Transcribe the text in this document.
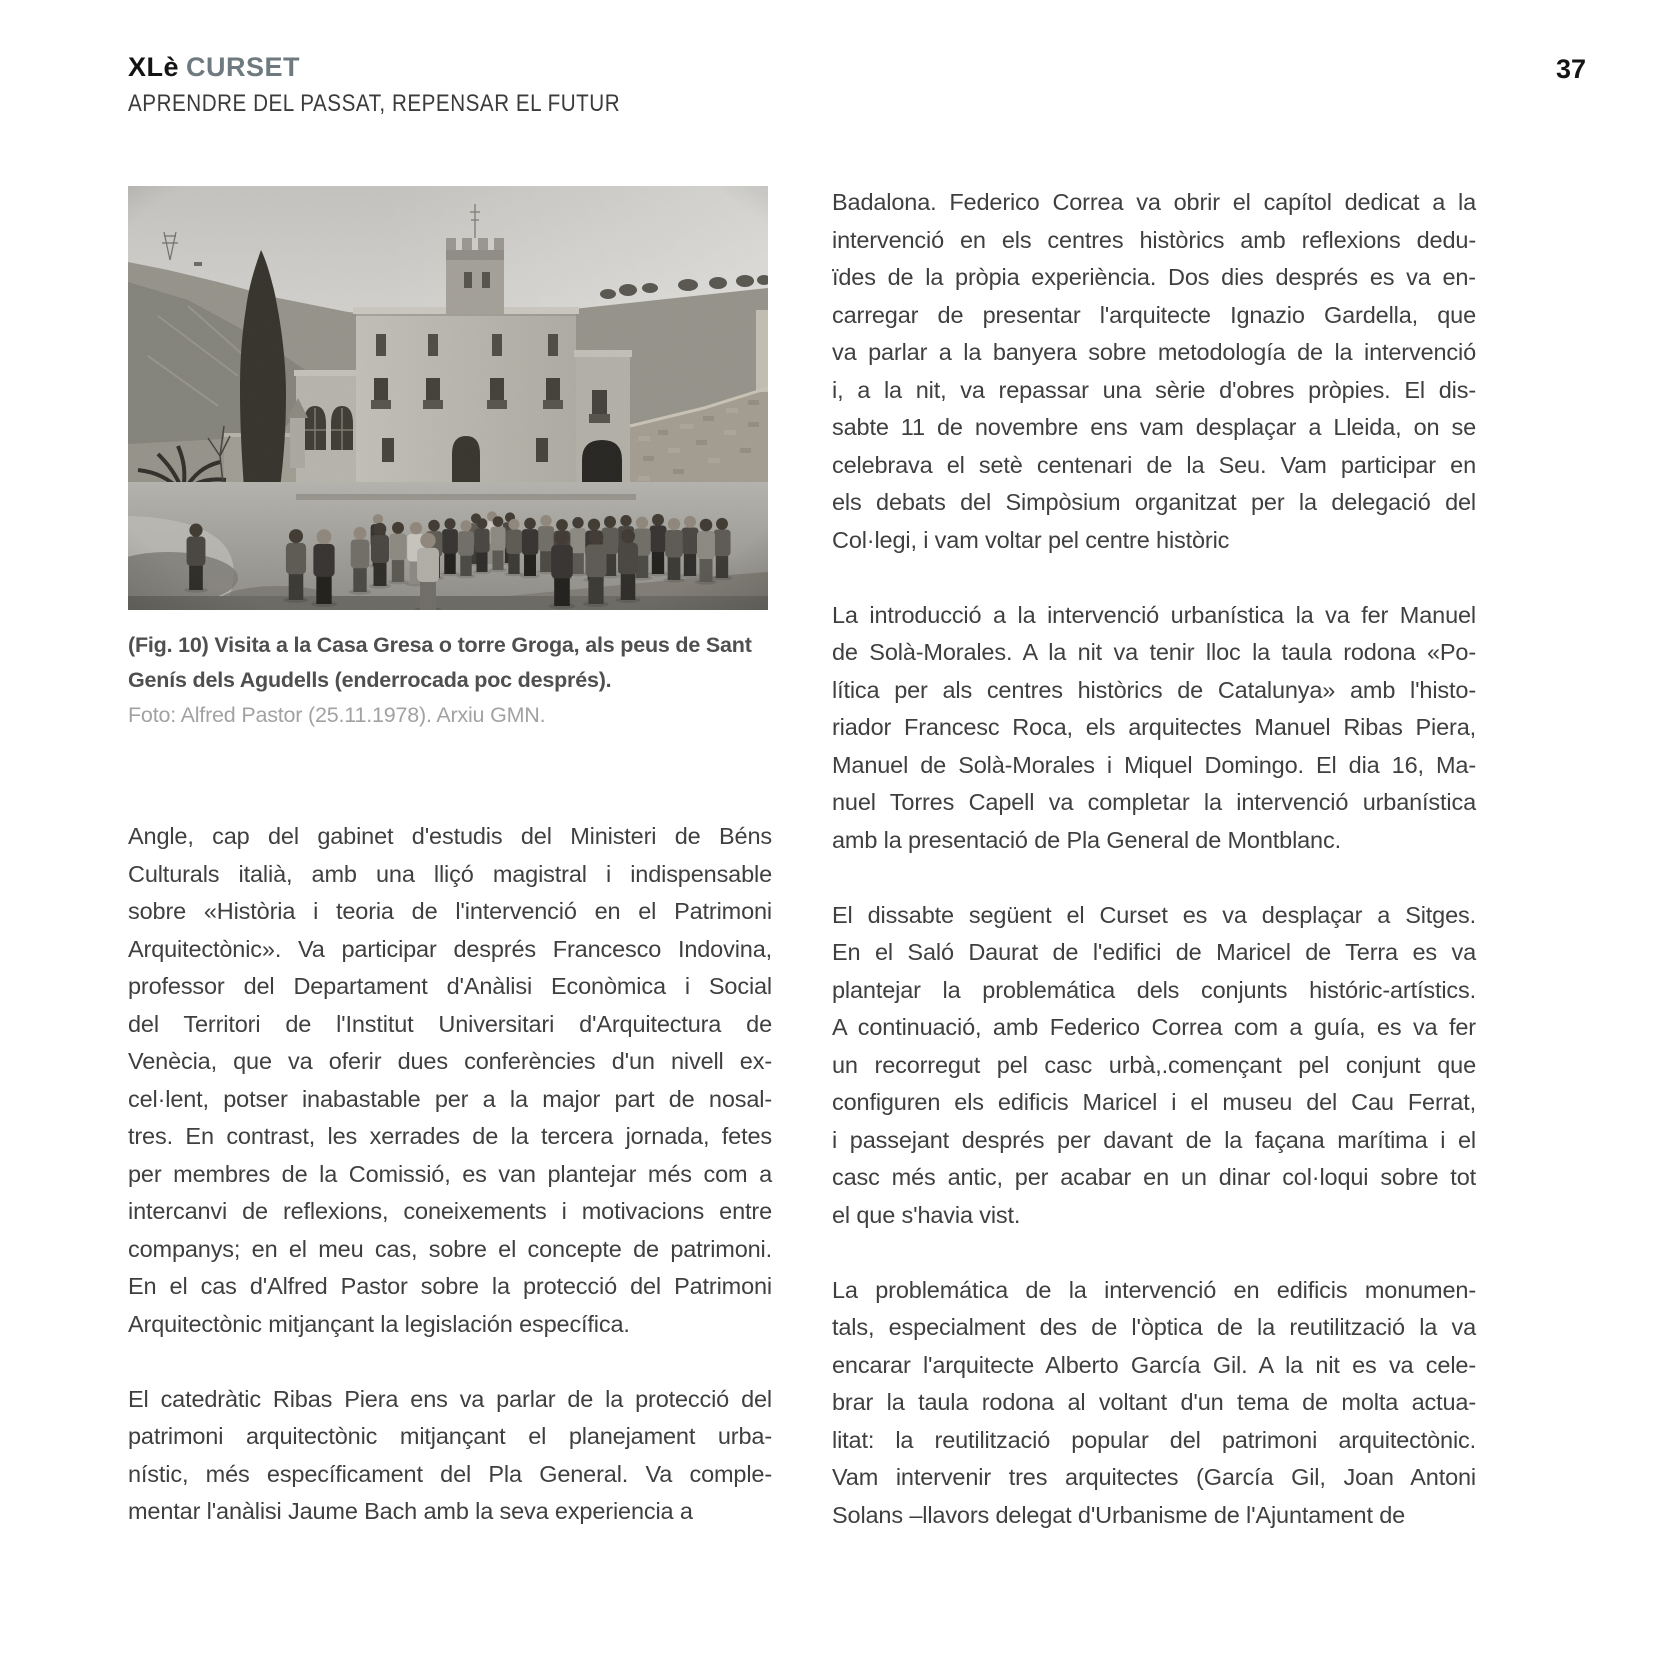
XLè CURSET
APRENDRE DEL PASSAT, REPENSAR EL FUTUR
37
(Fig. 10) Visita a la Casa Gresa o torre Groga, als peus de Sant
Genís dels Agudells (enderrocada poc després).
Foto: Alfred Pastor (25.11.1978). Arxiu GMN.
Angle, cap del gabinet d'estudis del Ministeri de Béns
Culturals italià, amb una lliçó magistral i indispensable
sobre «Història i teoria de l'intervenció en el Patrimoni
Arquitectònic». Va participar després Francesco Indovina,
professor del Departament d'Anàlisi Econòmica i Social
del Territori de l'Institut Universitari d'Arquitectura de
Venècia, que va oferir dues conferències d'un nivell ex-
cel·lent, potser inabastable per a la major part de nosal-
tres. En contrast, les xerrades de la tercera jornada, fetes
per membres de la Comissió, es van plantejar més com a
intercanvi de reflexions, coneixements i motivacions entre
companys; en el meu cas, sobre el concepte de patrimoni.
En el cas d'Alfred Pastor sobre la protecció del Patrimoni
Arquitectònic mitjançant la legislación específica.
El catedràtic Ribas Piera ens va parlar de la protecció del
patrimoni arquitectònic mitjançant el planejament urba-
nístic, més específicament del Pla General. Va comple-
mentar l'anàlisi Jaume Bach amb la seva experiencia a
Badalona. Federico Correa va obrir el capítol dedicat a la
intervenció en els centres històrics amb reflexions dedu-
ïdes de la pròpia experiència. Dos dies després es va en-
carregar de presentar l'arquitecte Ignazio Gardella, que
va parlar a la banyera sobre metodología de la intervenció
i, a la nit, va repassar una sèrie d'obres pròpies. El dis-
sabte 11 de novembre ens vam desplaçar a Lleida, on se
celebrava el setè centenari de la Seu. Vam participar en
els debats del Simpòsium organitzat per la delegació del
Col·legi, i vam voltar pel centre històric
La introducció a la intervenció urbanística la va fer Manuel
de Solà-Morales. A la nit va tenir lloc la taula rodona «Po-
lítica per als centres històrics de Catalunya» amb l'histo-
riador Francesc Roca, els arquitectes Manuel Ribas Piera,
Manuel de Solà-Morales i Miquel Domingo. El dia 16, Ma-
nuel Torres Capell va completar la intervenció urbanística
amb la presentació de Pla General de Montblanc.
El dissabte següent el Curset es va desplaçar a Sitges.
En el Saló Daurat de l'edifici de Maricel de Terra es va
plantejar la problemática dels conjunts históric-artístics.
A continuació, amb Federico Correa com a guía, es va fer
un recorregut pel casc urbà,.començant pel conjunt que
configuren els edificis Maricel i el museu del Cau Ferrat,
i passejant després per davant de la façana marítima i el
casc més antic, per acabar en un dinar col·loqui sobre tot
el que s'havia vist.
La problemática de la intervenció en edificis monumen-
tals, especialment des de l'òptica de la reutilització la va
encarar l'arquitecte Alberto García Gil. A la nit es va cele-
brar la taula rodona al voltant d'un tema de molta actua-
litat: la reutilització popular del patrimoni arquitectònic.
Vam intervenir tres arquitectes (García Gil, Joan Antoni
Solans –llavors delegat d'Urbanisme de l'Ajuntament de
